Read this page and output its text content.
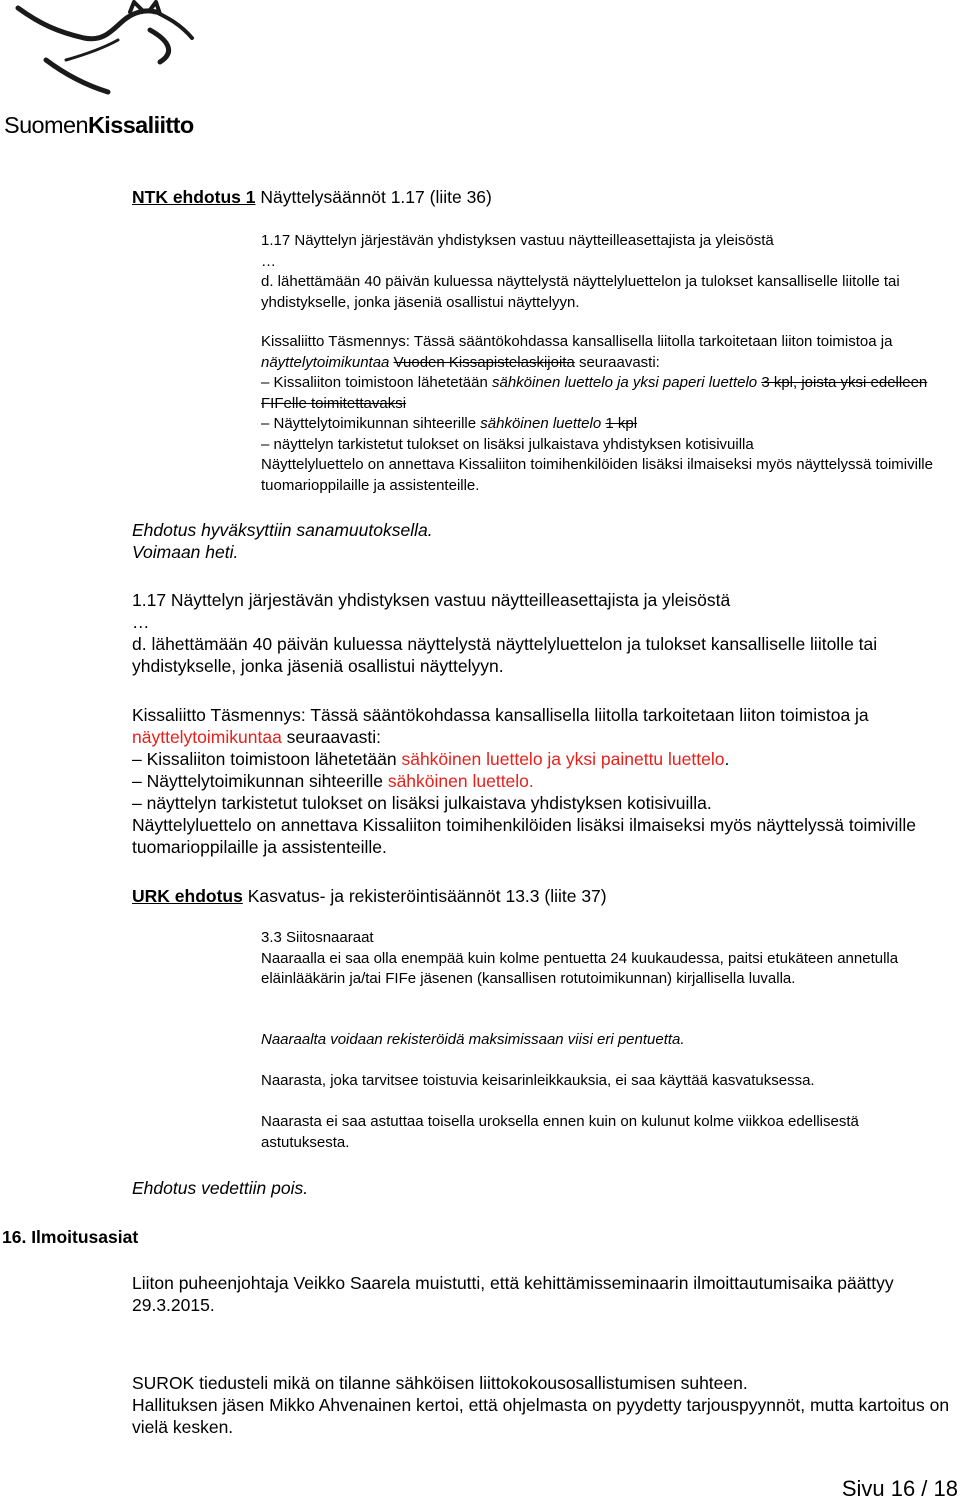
SuomenKissaliitto
NTK ehdotus 1 Näyttelysäännöt 1.17 (liite 36)

1.17 Näyttelyn järjestävän yhdistyksen vastuu näytteilleasettajista ja yleisöstä

…

d. lähettämään 40 päivän kuluessa näyttelystä näyttelyluettelon ja tulokset kansalliselle liitolle tai yhdistykselle, jonka jäseniä osallistui näyttelyyn.

Kissaliitto Täsmennys: Tässä sääntökohdassa kansallisella liitolla tarkoitetaan liiton toimistoa ja näyttelytoimikuntaa Vuoden Kissapistelaskijoita seuraavasti:

– Kissaliiton toimistoon lähetetään sähköinen luettelo ja yksi paperi luettelo 3 kpl, joista yksi edelleen FIFelle toimitettavaksi

– Näyttelytoimikunnan sihteerille sähköinen luettelo 1 kpl

– näyttelyn tarkistetut tulokset on lisäksi julkaistava yhdistyksen kotisivuilla

Näyttelyluettelo on annettava Kissaliiton toimihenkilöiden lisäksi ilmaiseksi myös näyttelyssä toimiville tuomarioppilaille ja assistenteille.

Ehdotus hyväksyttiin sanamuutoksella.

Voimaan heti.

1.17 Näyttelyn järjestävän yhdistyksen vastuu näytteilleasettajista ja yleisöstä

…

d. lähettämään 40 päivän kuluessa näyttelystä näyttelyluettelon ja tulokset kansalliselle liitolle tai yhdistykselle, jonka jäseniä osallistui näyttelyyn.

Kissaliitto Täsmennys: Tässä sääntökohdassa kansallisella liitolla tarkoitetaan liiton toimistoa ja näyttelytoimikuntaa seuraavasti:

– Kissaliiton toimistoon lähetetään sähköinen luettelo ja yksi painettu luettelo.

– Näyttelytoimikunnan sihteerille sähköinen luettelo.

– näyttelyn tarkistetut tulokset on lisäksi julkaistava yhdistyksen kotisivuilla.

Näyttelyluettelo on annettava Kissaliiton toimihenkilöiden lisäksi ilmaiseksi myös näyttelyssä toimiville tuomarioppilaille ja assistenteille.

URK ehdotus Kasvatus- ja rekisteröintisäännöt 13.3 (liite 37)

3.3 Siitosnaaraat

Naaraalla ei saa olla enempää kuin kolme pentuetta 24 kuukaudessa, paitsi etukäteen annetulla eläinlääkärin ja/tai FIFe jäsenen (kansallisen rotutoimikunnan) kirjallisella luvalla.

Naaraalta voidaan rekisteröidä maksimissaan viisi eri pentuetta.
Naarasta, joka tarvitsee toistuvia keisarinleikkauksia, ei saa käyttää kasvatuksessa.
Naarasta ei saa astuttaa toisella uroksella ennen kuin on kulunut kolme viikkoa edellisestä astutuksesta.
Ehdotus vedettiin pois.
16. Ilmoitusasiat
Liiton puheenjohtaja Veikko Saarela muistutti, että kehittämisseminaarin ilmoittautumisaika päättyy 29.3.2015.

SUROK tiedusteli mikä on tilanne sähköisen liittokokousosallistumisen suhteen.

Hallituksen jäsen Mikko Ahvenainen kertoi, että ohjelmasta on pyydetty tarjouspyynnöt, mutta kartoitus on vielä kesken.

Sivu 16 / 18
